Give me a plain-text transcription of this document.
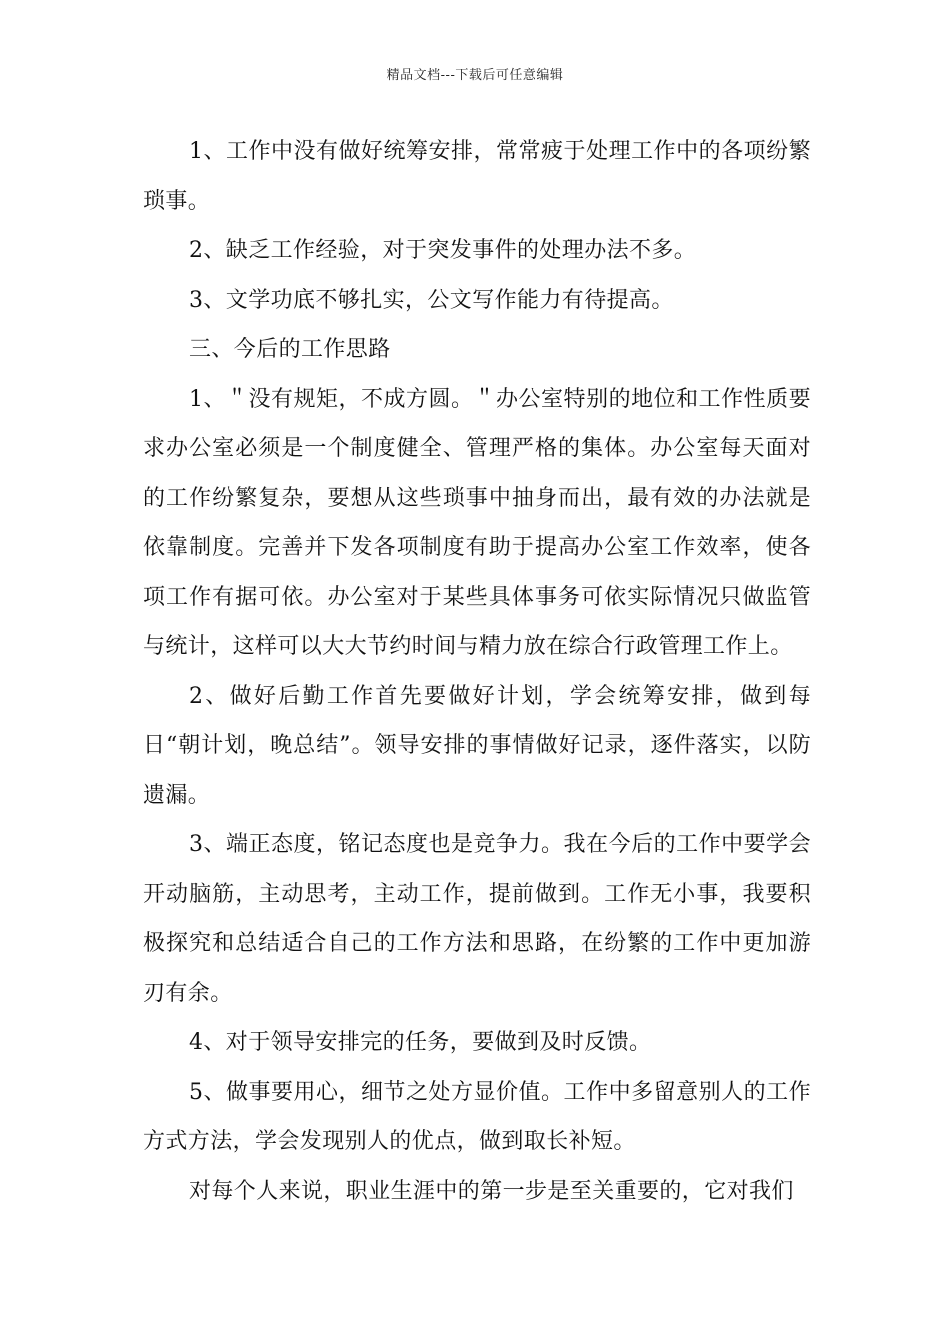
精品文档---下载后可任意编辑

1、工作中没有做好统筹安排，常常疲于处理工作中的各项纷繁琐事。

2、缺乏工作经验，对于突发事件的处理办法不多。

3、文学功底不够扎实，公文写作能力有待提高。

三、今后的工作思路

1、＂没有规矩，不成方圆。＂办公室特别的地位和工作性质要求办公室必须是一个制度健全、管理严格的集体。办公室每天面对的工作纷繁复杂，要想从这些琐事中抽身而出，最有效的办法就是依靠制度。完善并下发各项制度有助于提高办公室工作效率，使各项工作有据可依。办公室对于某些具体事务可依实际情况只做监管与统计，这样可以大大节约时间与精力放在综合行政管理工作上。

2、做好后勤工作首先要做好计划，学会统筹安排，做到每日“朝计划，晚总结”。领导安排的事情做好记录，逐件落实，以防遗漏。

3、端正态度，铭记态度也是竞争力。我在今后的工作中要学会开动脑筋，主动思考，主动工作，提前做到。工作无小事，我要积极探究和总结适合自己的工作方法和思路，在纷繁的工作中更加游刃有余。

4、对于领导安排完的任务，要做到及时反馈。

5、做事要用心，细节之处方显价值。工作中多留意别人的工作方式方法，学会发现别人的优点，做到取长补短。

对每个人来说，职业生涯中的第一步是至关重要的，它对我们
